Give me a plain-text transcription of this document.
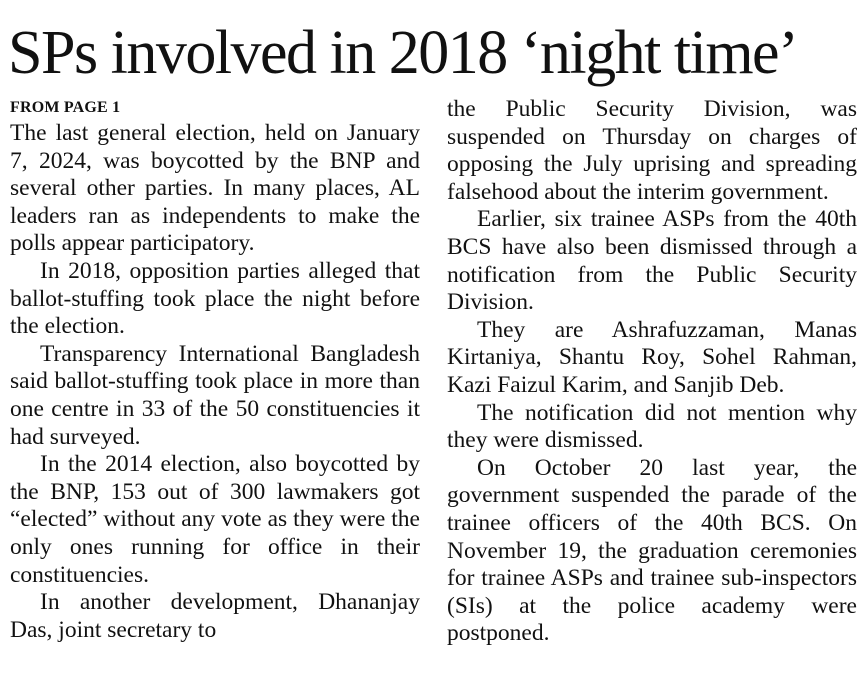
SPs involved in 2018 ‘night time’
FROM PAGE 1

The last general election, held on January 7, 2024, was boycotted by the BNP and several other parties. In many places, AL leaders ran as independents to make the polls appear participatory.

In 2018, opposition parties alleged that ballot-stuffing took place the night before the election.

Transparency International Bangladesh said ballot-stuffing took place in more than one centre in 33 of the 50 constituencies it had surveyed.

In the 2014 election, also boycotted by the BNP, 153 out of 300 lawmakers got “elected” without any vote as they were the only ones running for office in their constituencies.

In another development, Dhananjay Das, joint secretary to

the Public Security Division, was suspended on Thursday on charges of opposing the July uprising and spreading falsehood about the interim government.

Earlier, six trainee ASPs from the 40th BCS have also been dismissed through a notification from the Public Security Division.

They are Ashrafuzzaman, Manas Kirtaniya, Shantu Roy, Sohel Rahman, Kazi Faizul Karim, and Sanjib Deb.

The notification did not mention why they were dismissed.

On October 20 last year, the government suspended the parade of the trainee officers of the 40th BCS. On November 19, the graduation ceremonies for trainee ASPs and trainee sub-inspectors (SIs) at the police academy were postponed.
